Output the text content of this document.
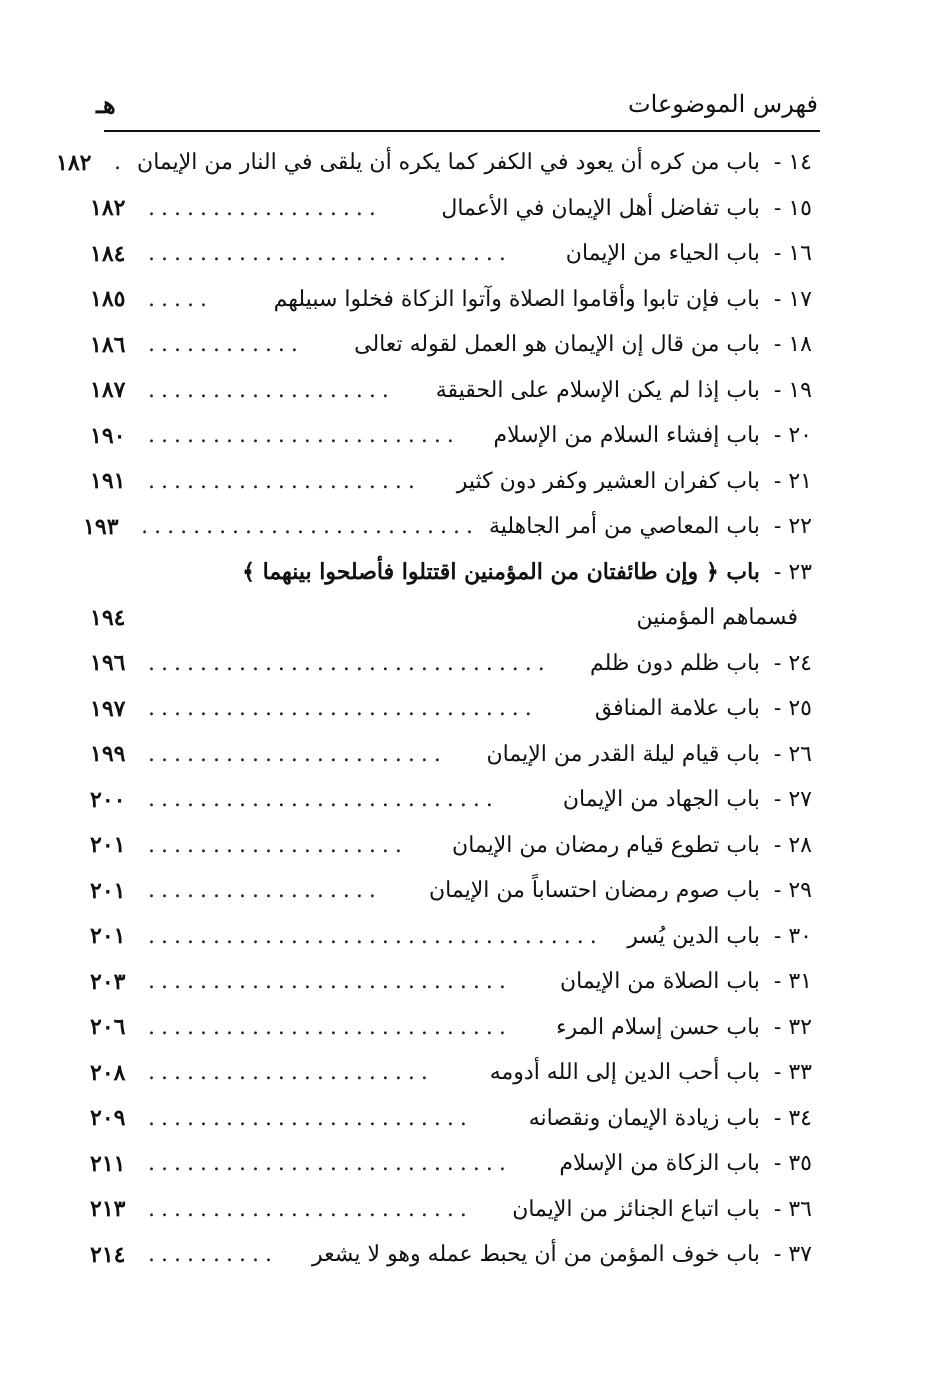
فهرس الموضوعات
هـ
١٤ -
باب من كره أن يعود في الكفر كما يكره أن يلقى في النار من الإيمان
.
١٨٢
١٥ -
باب تفاضل أهل الإيمان في الأعمال
..................
١٨٢
١٦ -
باب الحياء من الإيمان
............................
١٨٤
١٧ -
باب فإن تابوا وأقاموا الصلاة وآتوا الزكاة فخلوا سبيلهم
.....
١٨٥
١٨ -
باب من قال إن الإيمان هو العمل لقوله تعالى
............
١٨٦
١٩ -
باب إذا لم يكن الإسلام على الحقيقة
...................
١٨٧
٢٠ -
باب إفشاء السلام من الإسلام
........................
١٩٠
٢١ -
باب كفران العشير وكفر دون كثير
.....................
١٩١
٢٢ -
باب المعاصي من أمر الجاهلية
..........................
١٩٣
٢٣ -
باب ﴿ وإن طائفتان من المؤمنين اقتتلوا فأصلحوا بينهما ﴾
فسماهم المؤمنين
١٩٤
٢٤ -
باب ظلم دون ظلم
...............................
١٩٦
٢٥ -
باب علامة المنافق
..............................
١٩٧
٢٦ -
باب قيام ليلة القدر من الإيمان
.......................
١٩٩
٢٧ -
باب الجهاد من الإيمان
...........................
٢٠٠
٢٨ -
باب تطوع قيام رمضان من الإيمان
....................
٢٠١
٢٩ -
باب صوم رمضان احتساباً من الإيمان
..................
٢٠١
٣٠ -
باب الدين يُسر
...................................
٢٠١
٣١ -
باب الصلاة من الإيمان
............................
٢٠٣
٣٢ -
باب حسن إسلام المرء
............................
٢٠٦
٣٣ -
باب أحب الدين إلى الله أدومه
......................
٢٠٨
٣٤ -
باب زيادة الإيمان ونقصانه
.........................
٢٠٩
٣٥ -
باب الزكاة من الإسلام
............................
٢١١
٣٦ -
باب اتباع الجنائز من الإيمان
.........................
٢١٣
٣٧ -
باب خوف المؤمن من أن يحبط عمله وهو لا يشعر
..........
٢١٤
